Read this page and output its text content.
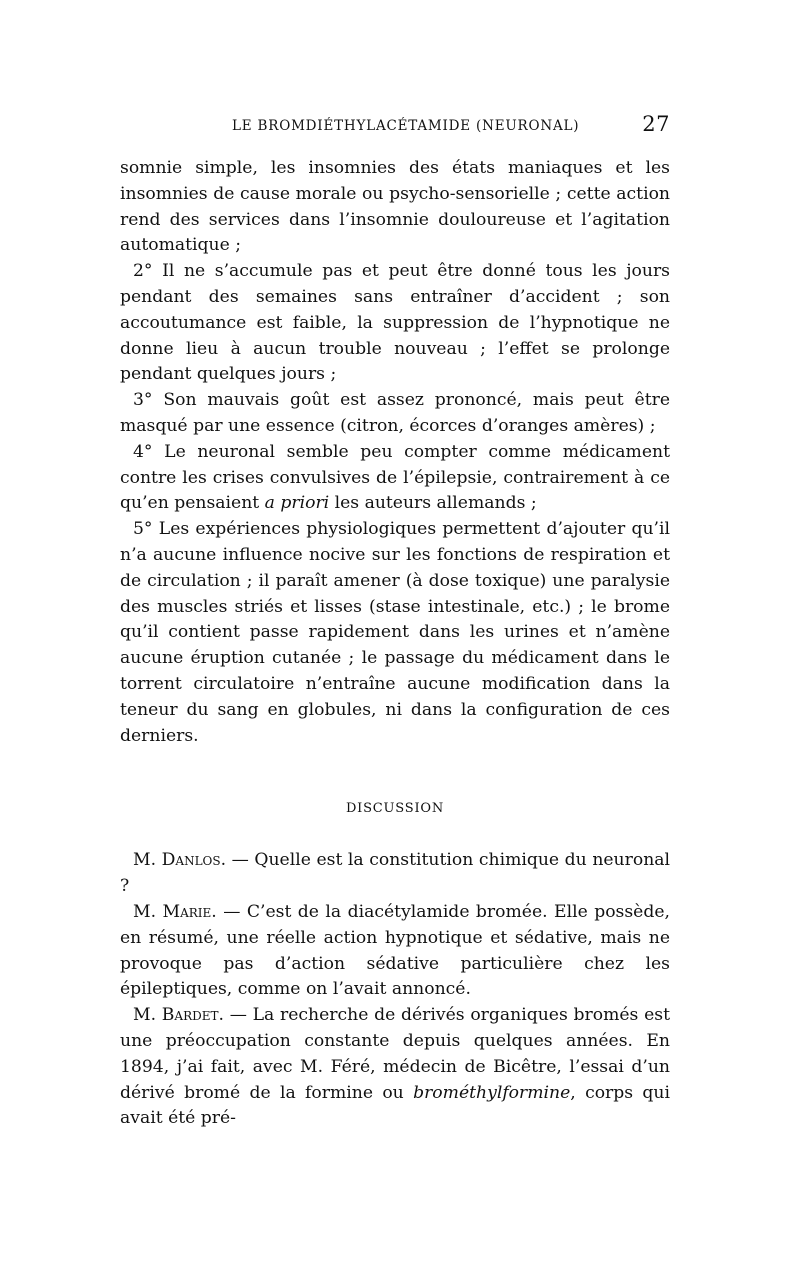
LE BROMDIÉTHYLACÉTAMIDE (NEURONAL)	27

somnie simple, les insomnies des états maniaques et les insomnies de cause morale ou psycho-sensorielle ; cette action rend des services dans l’insomnie douloureuse et l’agitation automatique ;

2° Il ne s’accumule pas et peut être donné tous les jours pendant des semaines sans entraîner d’accident ; son accoutumance est faible, la suppression de l’hypnotique ne donne lieu à aucun trouble nouveau ; l’effet se prolonge pendant quelques jours ;

3° Son mauvais goût est assez prononcé, mais peut être masqué par une essence (citron, écorces d’oranges amères) ;

4° Le neuronal semble peu compter comme médicament contre les crises convulsives de l’épilepsie, contrairement à ce qu’en pensaient a priori les auteurs allemands ;

5° Les expériences physiologiques permettent d’ajouter qu’il n’a aucune influence nocive sur les fonctions de respiration et de circulation ; il paraît amener (à dose toxique) une paralysie des muscles striés et lisses (stase intestinale, etc.) ; le brome qu’il contient passe rapidement dans les urines et n’amène aucune éruption cutanée ; le passage du médicament dans le torrent circulatoire n’entraîne aucune modification dans la teneur du sang en globules, ni dans la configuration de ces derniers.

DISCUSSION

M. Danlos. — Quelle est la constitution chimique du neuronal ?

M. Marie. — C’est de la diacétylamide bromée. Elle possède, en résumé, une réelle action hypnotique et sédative, mais ne provoque pas d’action sédative particulière chez les épileptiques, comme on l’avait annoncé.

M. Bardet. — La recherche de dérivés organiques bromés est une préoccupation constante depuis quelques années. En 1894, j’ai fait, avec M. Féré, médecin de Bicêtre, l’essai d’un dérivé bromé de la formine ou brométhylformine, corps qui avait été pré-
